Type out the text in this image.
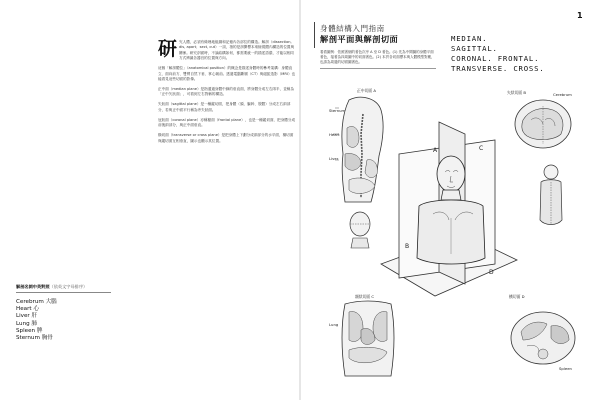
研 究人體，必須有條理地組織和記憶內各部位的構造。解剖（dissection, dis, apart；sect, cut）一詞，指的是剖開標本來檢視體內構造的位置與關係。研究剖面時，不論結構如何，都需要統一的描述語彙，才能以相同方式辨識各器官的位置與方向。
這個「解剖體位」（anatomical position）的概念是描述身體時的參考架構：身體直立、面向前方、雙臂自然下垂、掌心朝前。透過電腦斷層（CT）與磁振造影（MRI）也能看見這些切面的影像。
正中面（median plane）是指通過身體中線的垂直面，將身體分成左右兩半，並稱為「正中矢狀面」，可看到左右對稱的構造。
矢狀面（sagittal plane）是一種縱切面，把身體（頭、軀幹、肢體）分成左右兩部分，若與正中面平行稱為旁矢狀面。
冠狀面（coronal plane）亦稱額面（frontal plane），也是一種縱切面，把身體分成前後兩部分，與正中面垂直。
橫切面（transverse or cross plane）是把身體上下劃分成兩部分的水平面，橫切面與縱切面互相垂直，圖示也顯示其位置。
解剖名詞中英對照（依英文字母排序）
Cerebrum 大腦
Heart 心
Liver 肝
Lung 肺
Spleen 脾
Sternum 胸骨
1
身體結構入門指南
解剖平面與解剖切面
看看圖例：依照著個的著色次序 A 至 D 著色。(1) 先為中間圖的身體平面著色，接著為四周圖中的切面著色。(2) 本頁各切面標本與人體模型對應，也請為周邊的切面圖著色。
MEDIAN.
SAGITTAL.
CORONAL. FRONTAL.
TRANSVERSE. CROSS.
Sternum
Heart
Liver
正中切面 A
Cerebrum
矢狀切面 B
A	C
B
D
Lung
額狀切面 C	橫切面 D
Spleen
